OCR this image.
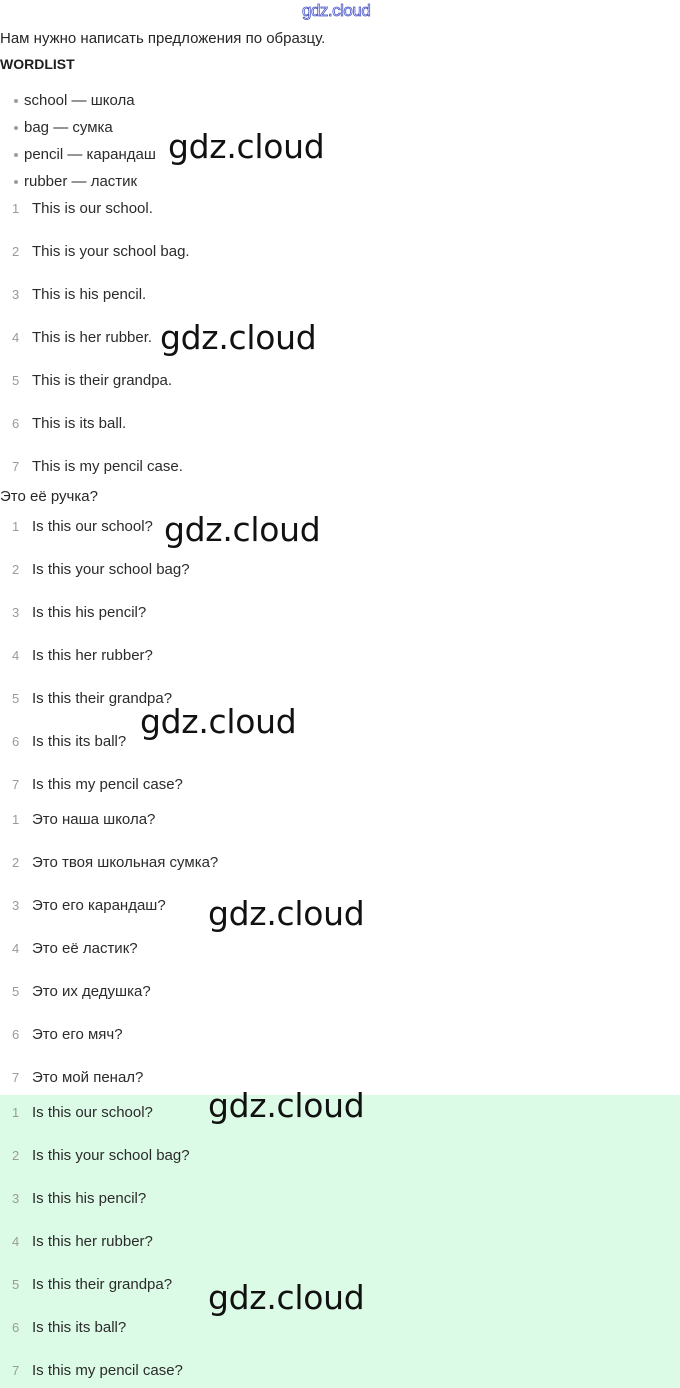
gdz.cloud
Нам нужно написать предложения по образцу.
WORDLIST
school — школа
bag — сумка
pencil — карандаш
rubber — ластик
1 This is our school.
2 This is your school bag.
3 This is his pencil.
4 This is her rubber.
5 This is their grandpa.
6 This is its ball.
7 This is my pencil case.
Это её ручка?
1 Is this our school?
2 Is this your school bag?
3 Is this his pencil?
4 Is this her rubber?
5 Is this their grandpa?
6 Is this its ball?
7 Is this my pencil case?
1 Это наша школа?
2 Это твоя школьная сумка?
3 Это его карандаш?
4 Это её ластик?
5 Это их дедушка?
6 Это его мяч?
7 Это мой пенал?
1 Is this our school?
2 Is this your school bag?
3 Is this his pencil?
4 Is this her rubber?
5 Is this their grandpa?
6 Is this its ball?
7 Is this my pencil case?
gdz.cloud
gdz.cloud
gdz.cloud
gdz.cloud
gdz.cloud
gdz.cloud
gdz.cloud
